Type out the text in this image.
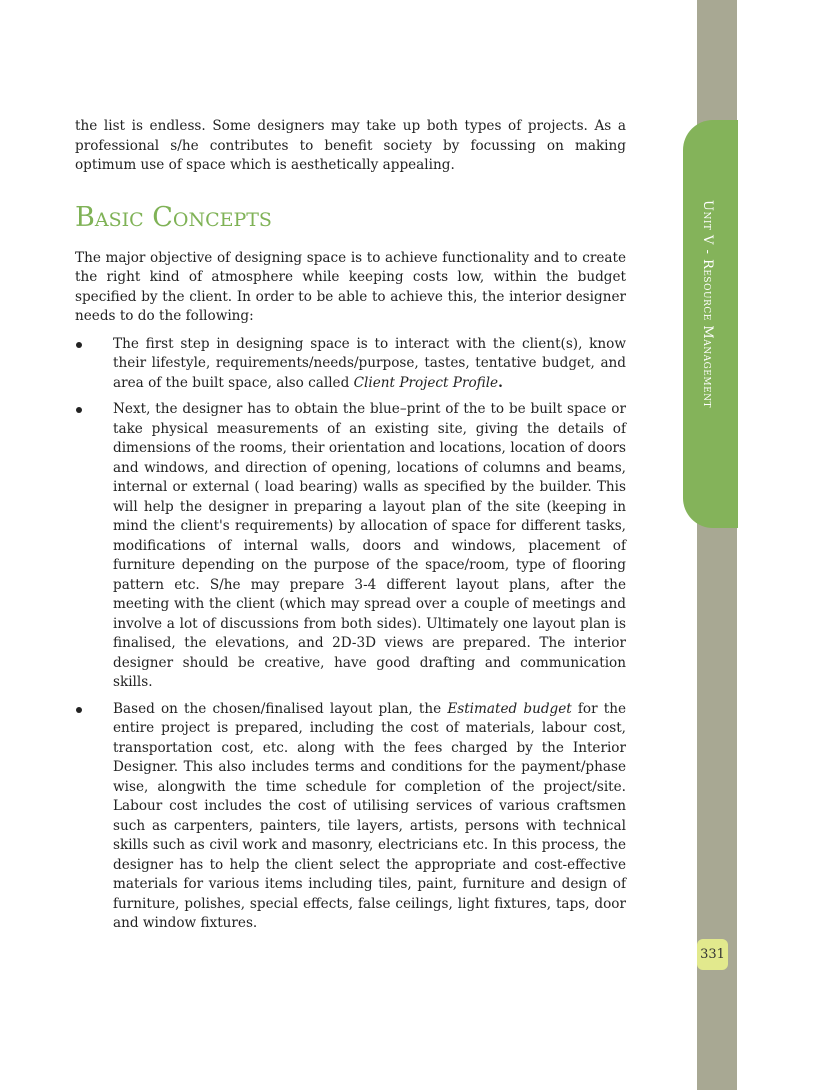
Unit V - Resource Management
331

the list is endless. Some designers may take up both types of projects. As a professional s/he contributes to benefit society by focussing on making optimum use of space which is aesthetically appealing.

Basic Concepts

The major objective of designing space is to achieve functionality and to create the right kind of atmosphere while keeping costs low, within the budget specified by the client. In order to be able to achieve this, the interior designer needs to do the following:

The first step in designing space is to interact with the client(s), know their lifestyle, requirements/needs/purpose, tastes, tentative budget, and area of the built space, also called Client Project Profile.
Next, the designer has to obtain the blue–print of the to be built space or take physical measurements of an existing site, giving the details of dimensions of the rooms, their orientation and locations, location of doors and windows, and direction of opening, locations of columns and beams, internal or external ( load bearing) walls as specified by the builder. This will help the designer in preparing a layout plan of the site (keeping in mind the client's requirements) by allocation of space for different tasks, modifications of internal walls, doors and windows, placement of furniture depending on the purpose of the space/room, type of flooring pattern etc. S/he may prepare 3-4 different layout plans, after the meeting with the client (which may spread over a couple of meetings and involve a lot of discussions from both sides). Ultimately one layout plan is finalised, the elevations, and 2D-3D views are prepared. The interior designer should be creative, have good drafting and communication skills.
Based on the chosen/finalised layout plan, the Estimated budget for the entire project is prepared, including the cost of materials, labour cost, transportation cost, etc. along with the fees charged by the Interior Designer. This also includes terms and conditions for the payment/phase wise, alongwith the time schedule for completion of the project/site. Labour cost includes the cost of utilising services of various craftsmen such as carpenters, painters, tile layers, artists, persons with technical skills such as civil work and masonry, electricians etc. In this process, the designer has to help the client select the appropriate and cost-effective materials for various items including tiles, paint, furniture and design of furniture, polishes, special effects, false ceilings, light fixtures, taps, door and window fixtures.
